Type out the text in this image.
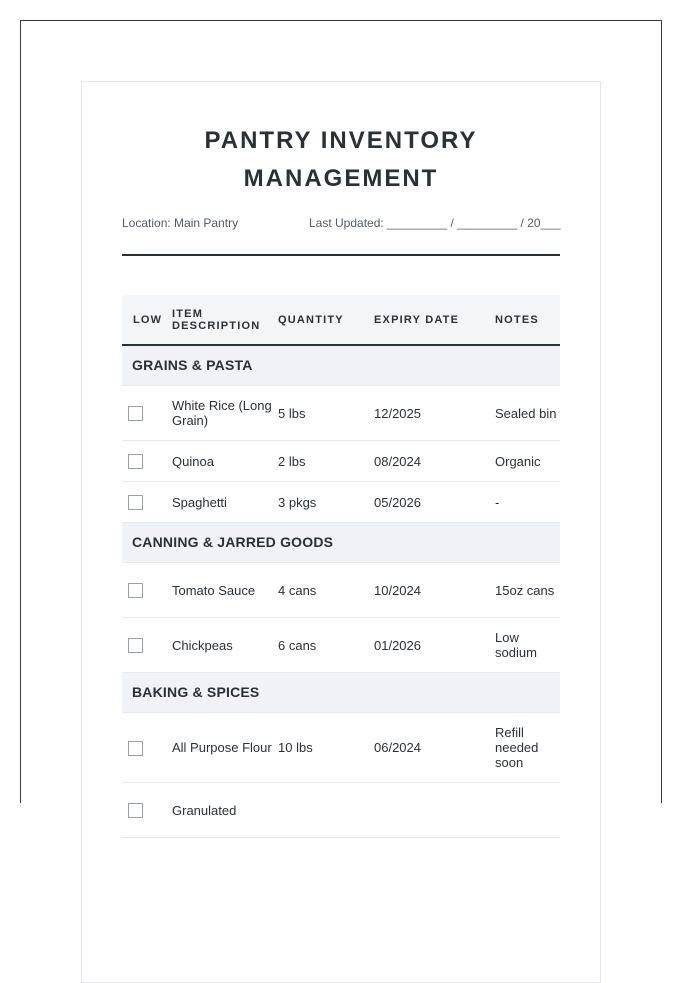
PANTRY INVENTORY
MANAGEMENT
Location: Main Pantry	Last Updated: _________ / _________ / 20___
LOW	ITEM DESCRIPTION	QUANTITY	EXPIRY DATE	NOTES
GRAINS & PASTA				
	White Rice (Long Grain)	5 lbs	12/2025	Sealed bin
	Quinoa	2 lbs	08/2024	Organic
	Spaghetti	3 pkgs	05/2026	-
CANNING & JARRED GOODS				
	Tomato Sauce	4 cans	10/2024	15oz cans
	Chickpeas	6 cans	01/2026	Low sodium
BAKING & SPICES				
	All Purpose Flour	10 lbs	06/2024	Refill needed soon
	Granulated			
